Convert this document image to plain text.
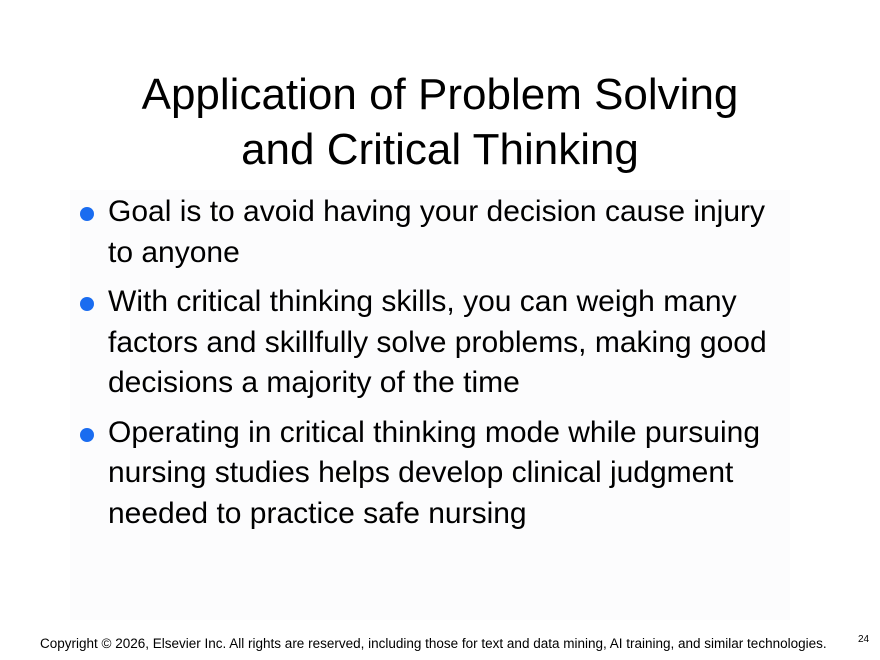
Application of Problem Solving
and Critical Thinking
Goal is to avoid having your decision cause injury to anyone
With critical thinking skills, you can weigh many factors and skillfully solve problems, making good decisions a majority of the time
Operating in critical thinking mode while pursuing nursing studies helps develop clinical judgment needed to practice safe nursing
Copyright © 2026, Elsevier Inc. All rights are reserved, including those for text and data mining, AI training, and similar technologies.	24
